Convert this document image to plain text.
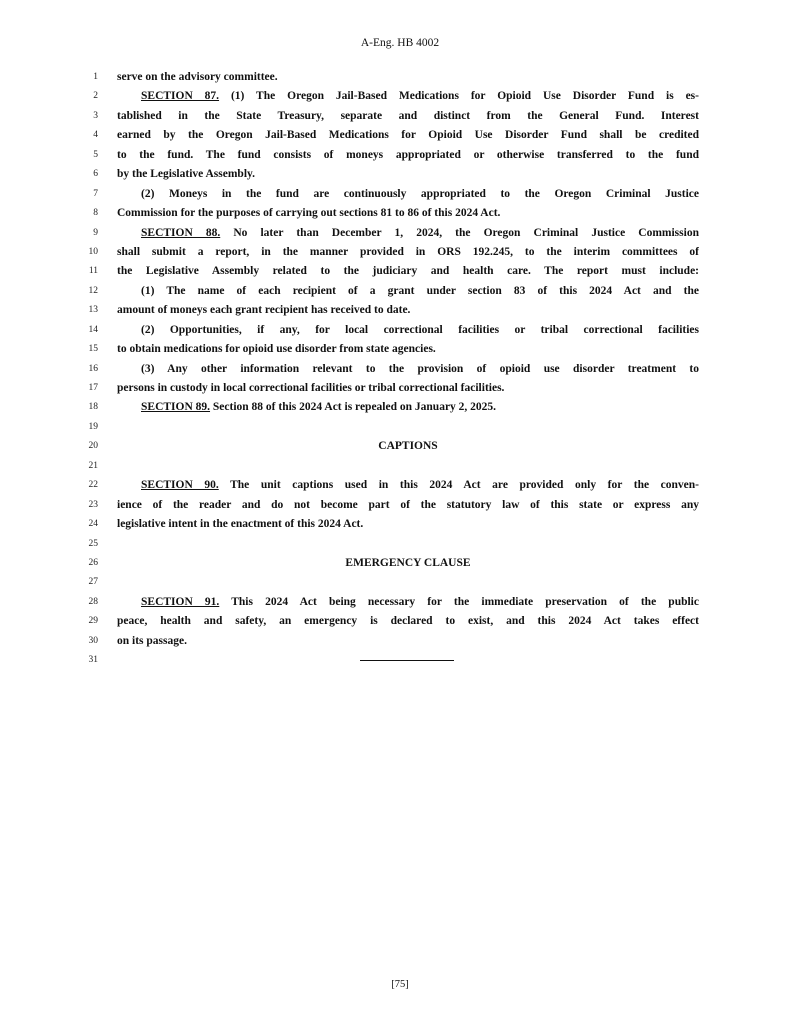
A-Eng. HB 4002
1 serve on the advisory committee.
2	SECTION 87. (1) The Oregon Jail-Based Medications for Opioid Use Disorder Fund is es-
3 tablished in the State Treasury, separate and distinct from the General Fund. Interest
4 earned by the Oregon Jail-Based Medications for Opioid Use Disorder Fund shall be credited
5 to the fund. The fund consists of moneys appropriated or otherwise transferred to the fund
6 by the Legislative Assembly.
7	(2) Moneys in the fund are continuously appropriated to the Oregon Criminal Justice
8 Commission for the purposes of carrying out sections 81 to 86 of this 2024 Act.
9	SECTION 88. No later than December 1, 2024, the Oregon Criminal Justice Commission
10 shall submit a report, in the manner provided in ORS 192.245, to the interim committees of
11 the Legislative Assembly related to the judiciary and health care. The report must include:
12	(1) The name of each recipient of a grant under section 83 of this 2024 Act and the
13 amount of moneys each grant recipient has received to date.
14	(2) Opportunities, if any, for local correctional facilities or tribal correctional facilities
15 to obtain medications for opioid use disorder from state agencies.
16	(3) Any other information relevant to the provision of opioid use disorder treatment to
17 persons in custody in local correctional facilities or tribal correctional facilities.
18	SECTION 89. Section 88 of this 2024 Act is repealed on January 2, 2025.
19
20	CAPTIONS
21
22	SECTION 90. The unit captions used in this 2024 Act are provided only for the conven-
23 ience of the reader and do not become part of the statutory law of this state or express any
24 legislative intent in the enactment of this 2024 Act.
25
26	EMERGENCY CLAUSE
27
28	SECTION 91. This 2024 Act being necessary for the immediate preservation of the public
29 peace, health and safety, an emergency is declared to exist, and this 2024 Act takes effect
30 on its passage.
31
[75]
